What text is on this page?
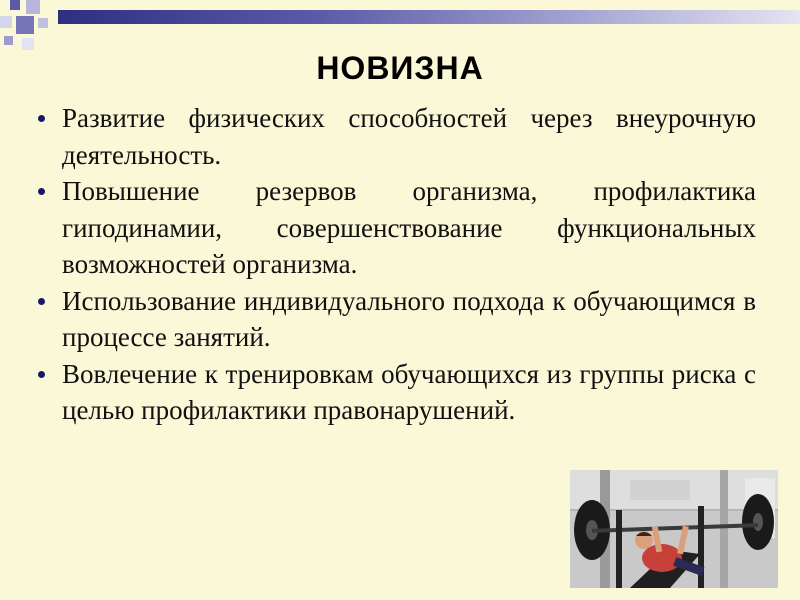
НОВИЗНА
Развитие физических способностей через внеурочную деятельность.
Повышение резервов организма, профилактика гиподинамии, совершенствование функциональных возможностей организма.
Использование индивидуального подхода к обучающимся в процессе занятий.
Вовлечение к тренировкам обучающихся из группы риска с целью профилактики правонарушений.
